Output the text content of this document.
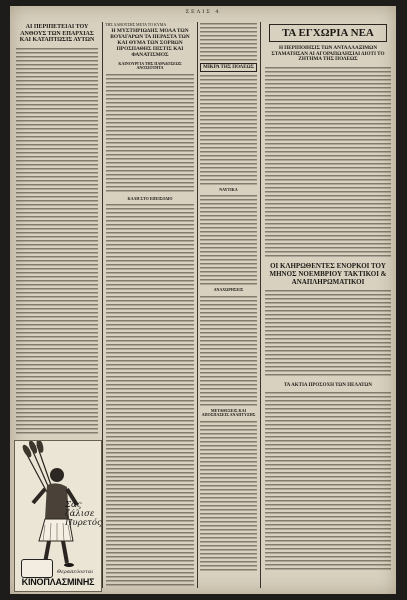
ΣΕΛΙΣ 4
ΑΙ ΠΕΡΙΠΕΤΕΙΑΙ ΤΟΥ ΑΝΘΟΥΣ ΤΩΝ ΕΠΑΡΧΙΑΣ ΚΑΙ ΚΑΤΑΠΤΩΣΙΣ ΑΥΤΩΝ
Σάς
ζάλισε
Πυρετός
Θεραπεύονται
ΚΙΝΟΠΛΑΣΜΙΝΗΣ
ΤΗΣ ΛΑΒΟΥΣΗΣ ΜΕΤΑ ΤΟ ΚΥΜΑ
Η ΜΥΣΤΗΡΙΩΔΗΣ ΜΟΛΑ ΤΩΝ ΒΟΥΛΓΑΡΩΝ ΤΑ ΠΕΡΑΣΤΑ ΤΩΝ ΚΑΙ ΘΥΜΑ ΤΩΝ ΣΟΡΒΩΝ ΠΡΟΣΠΑΘΗΣ ΠΙΣΤΙΣ ΚΑΙ ΦΑΝΑΤΙΣΜΟΣ
ΚΑΙΝΟΥΡΓΙΑ ΤΗΣ ΠΑΡΑΔΟΣΕΩΣ ΑΝΟΣΙΟΤΗΤΑ
ΚΑΛΗ ΣΤΟ ΕΠΕΙΣΟΔΙΟ
ΜΙΚΡΑ ΤΗΣ ΠΟΛΕΩΣ
ΝΑΥΤΙΚΑ
ΑΝΑΧΩΡΗΣΕΙΣ
ΜΕΤΑΘΕΣΕΙΣ ΚΑΙ ΑΠΟΣΠΑΣΕΙΣ ΑΝΑΠΤΥΞΗΣ
ΤΑ ΕΓΧΩΡΙΑ ΝΕΑ
Η ΠΕΡΙΠΟΙΗΣΙΣ ΤΩΝ ΑΝΤΑΛΛΑΞΙΜΩΝ ΣΤΑΜΑΤΗΣΑΝ ΑΙ ΑΓΟΡΑΠΩΛΗΣΙΑΙ ΔΙΟΤΙ ΤΟ ΖΗΤΗΜΑ ΤΗΣ ΠΟΛΕΩΣ
ΟΙ ΚΛΗΡΩΘΕΝΤΕΣ ΕΝΟΡΚΟΙ ΤΟΥ ΜΗΝΟΣ ΝΟΕΜΒΡΙΟΥ ΤΑΚΤΙΚΟΙ & ΑΝΑΠΛΗΡΩΜΑΤΙΚΟΙ
ΤΑ ΑΚΤΙΑ ΠΡΟΣΟΧΗ ΤΩΝ ΠΕΛΑΤΩΝ
